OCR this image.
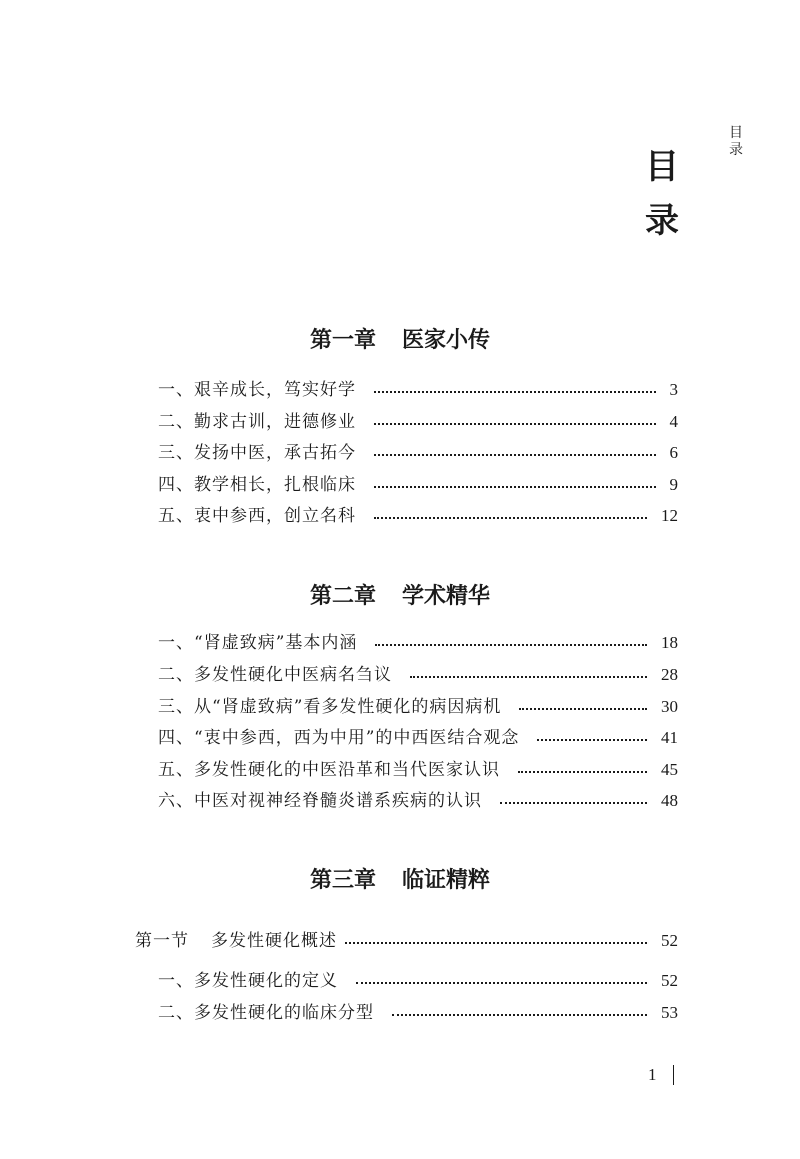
目录
目录
第一章 医家小传
一、艰辛成长，笃实好学	3
二、勤求古训，进德修业	4
三、发扬中医，承古拓今	6
四、教学相长，扎根临床	9
五、衷中参西，创立名科	12
第二章 学术精华
一、“肾虚致病”基本内涵	18
二、多发性硬化中医病名刍议	28
三、从“肾虚致病”看多发性硬化的病因病机	30
四、“衷中参西，西为中用”的中西医结合观念	41
五、多发性硬化的中医沿革和当代医家认识	45
六、中医对视神经脊髓炎谱系疾病的认识	48
第三章 临证精粹
第一节 多发性硬化概述	52
一、多发性硬化的定义	52
二、多发性硬化的临床分型	53
1
